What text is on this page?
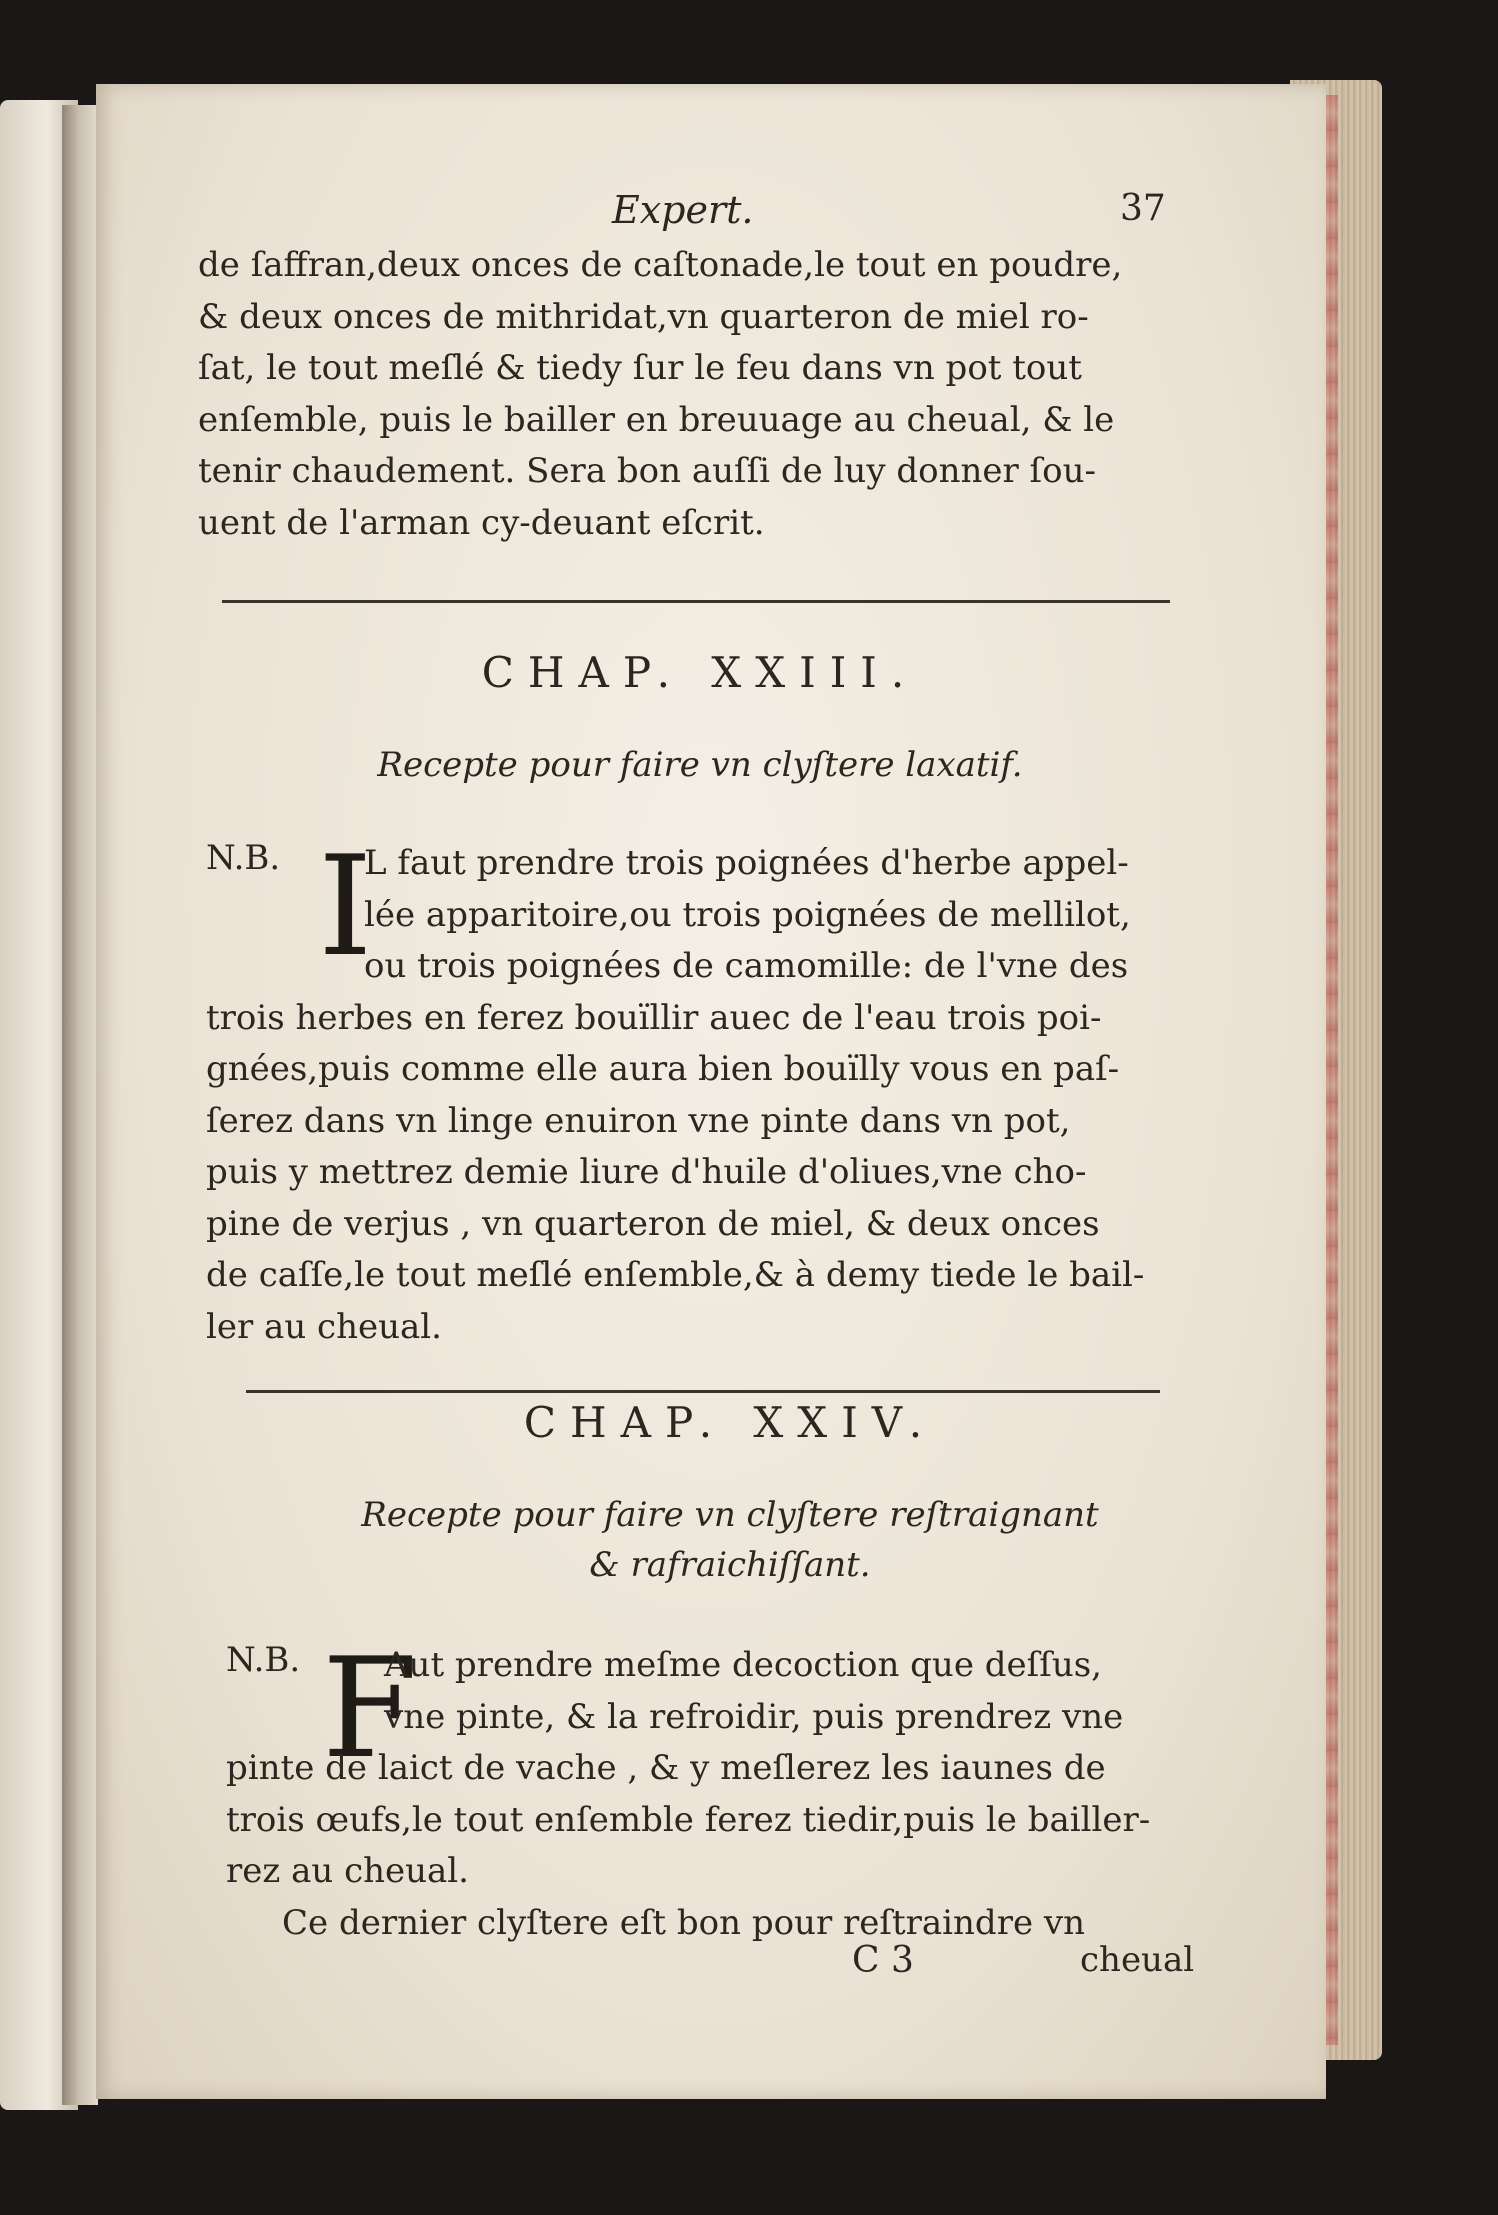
Expert.	37
de ſaffran,deux onces de caſtonade,le tout en poudre,
& deux onces de mithridat,vn quarteron de miel ro-
ſat, le tout meſlé & tiedy ſur le feu dans vn pot tout
enſemble, puis le bailler en breuuage au cheual, & le
tenir chaudement. Sera bon auſſi de luy donner ſou-
uent de l'arman cy-deuant eſcrit.
CHAP. XXIII.
Recepte pour faire vn clyſtere laxatif.
N.B. I
L faut prendre trois poignées d'herbe appel-
lée apparitoire,ou trois poignées de mellilot,
ou trois poignées de camomille: de l'vne des
trois herbes en ferez bouïllir auec de l'eau trois poi-
gnées,puis comme elle aura bien bouïlly vous en paſ-
ſerez dans vn linge enuiron vne pinte dans vn pot,
puis y mettrez demie liure d'huile d'oliues,vne cho-
pine de verjus , vn quarteron de miel, & deux onces
de caſſe,le tout meſlé enſemble,& à demy tiede le bail-
ler au cheual.
CHAP. XXIV.
Recepte pour faire vn clyſtere reſtraignant
& rafraichiſſant.
N.B. F
Aut prendre meſme decoction que deſſus,
vne pinte, & la refroidir, puis prendrez vne
pinte de laict de vache , & y meſlerez les iaunes de
trois œufs,le tout enſemble ferez tiedir,puis le bailler-
rez au cheual.
Ce dernier clyſtere eſt bon pour reſtraindre vn
C 3	cheual
